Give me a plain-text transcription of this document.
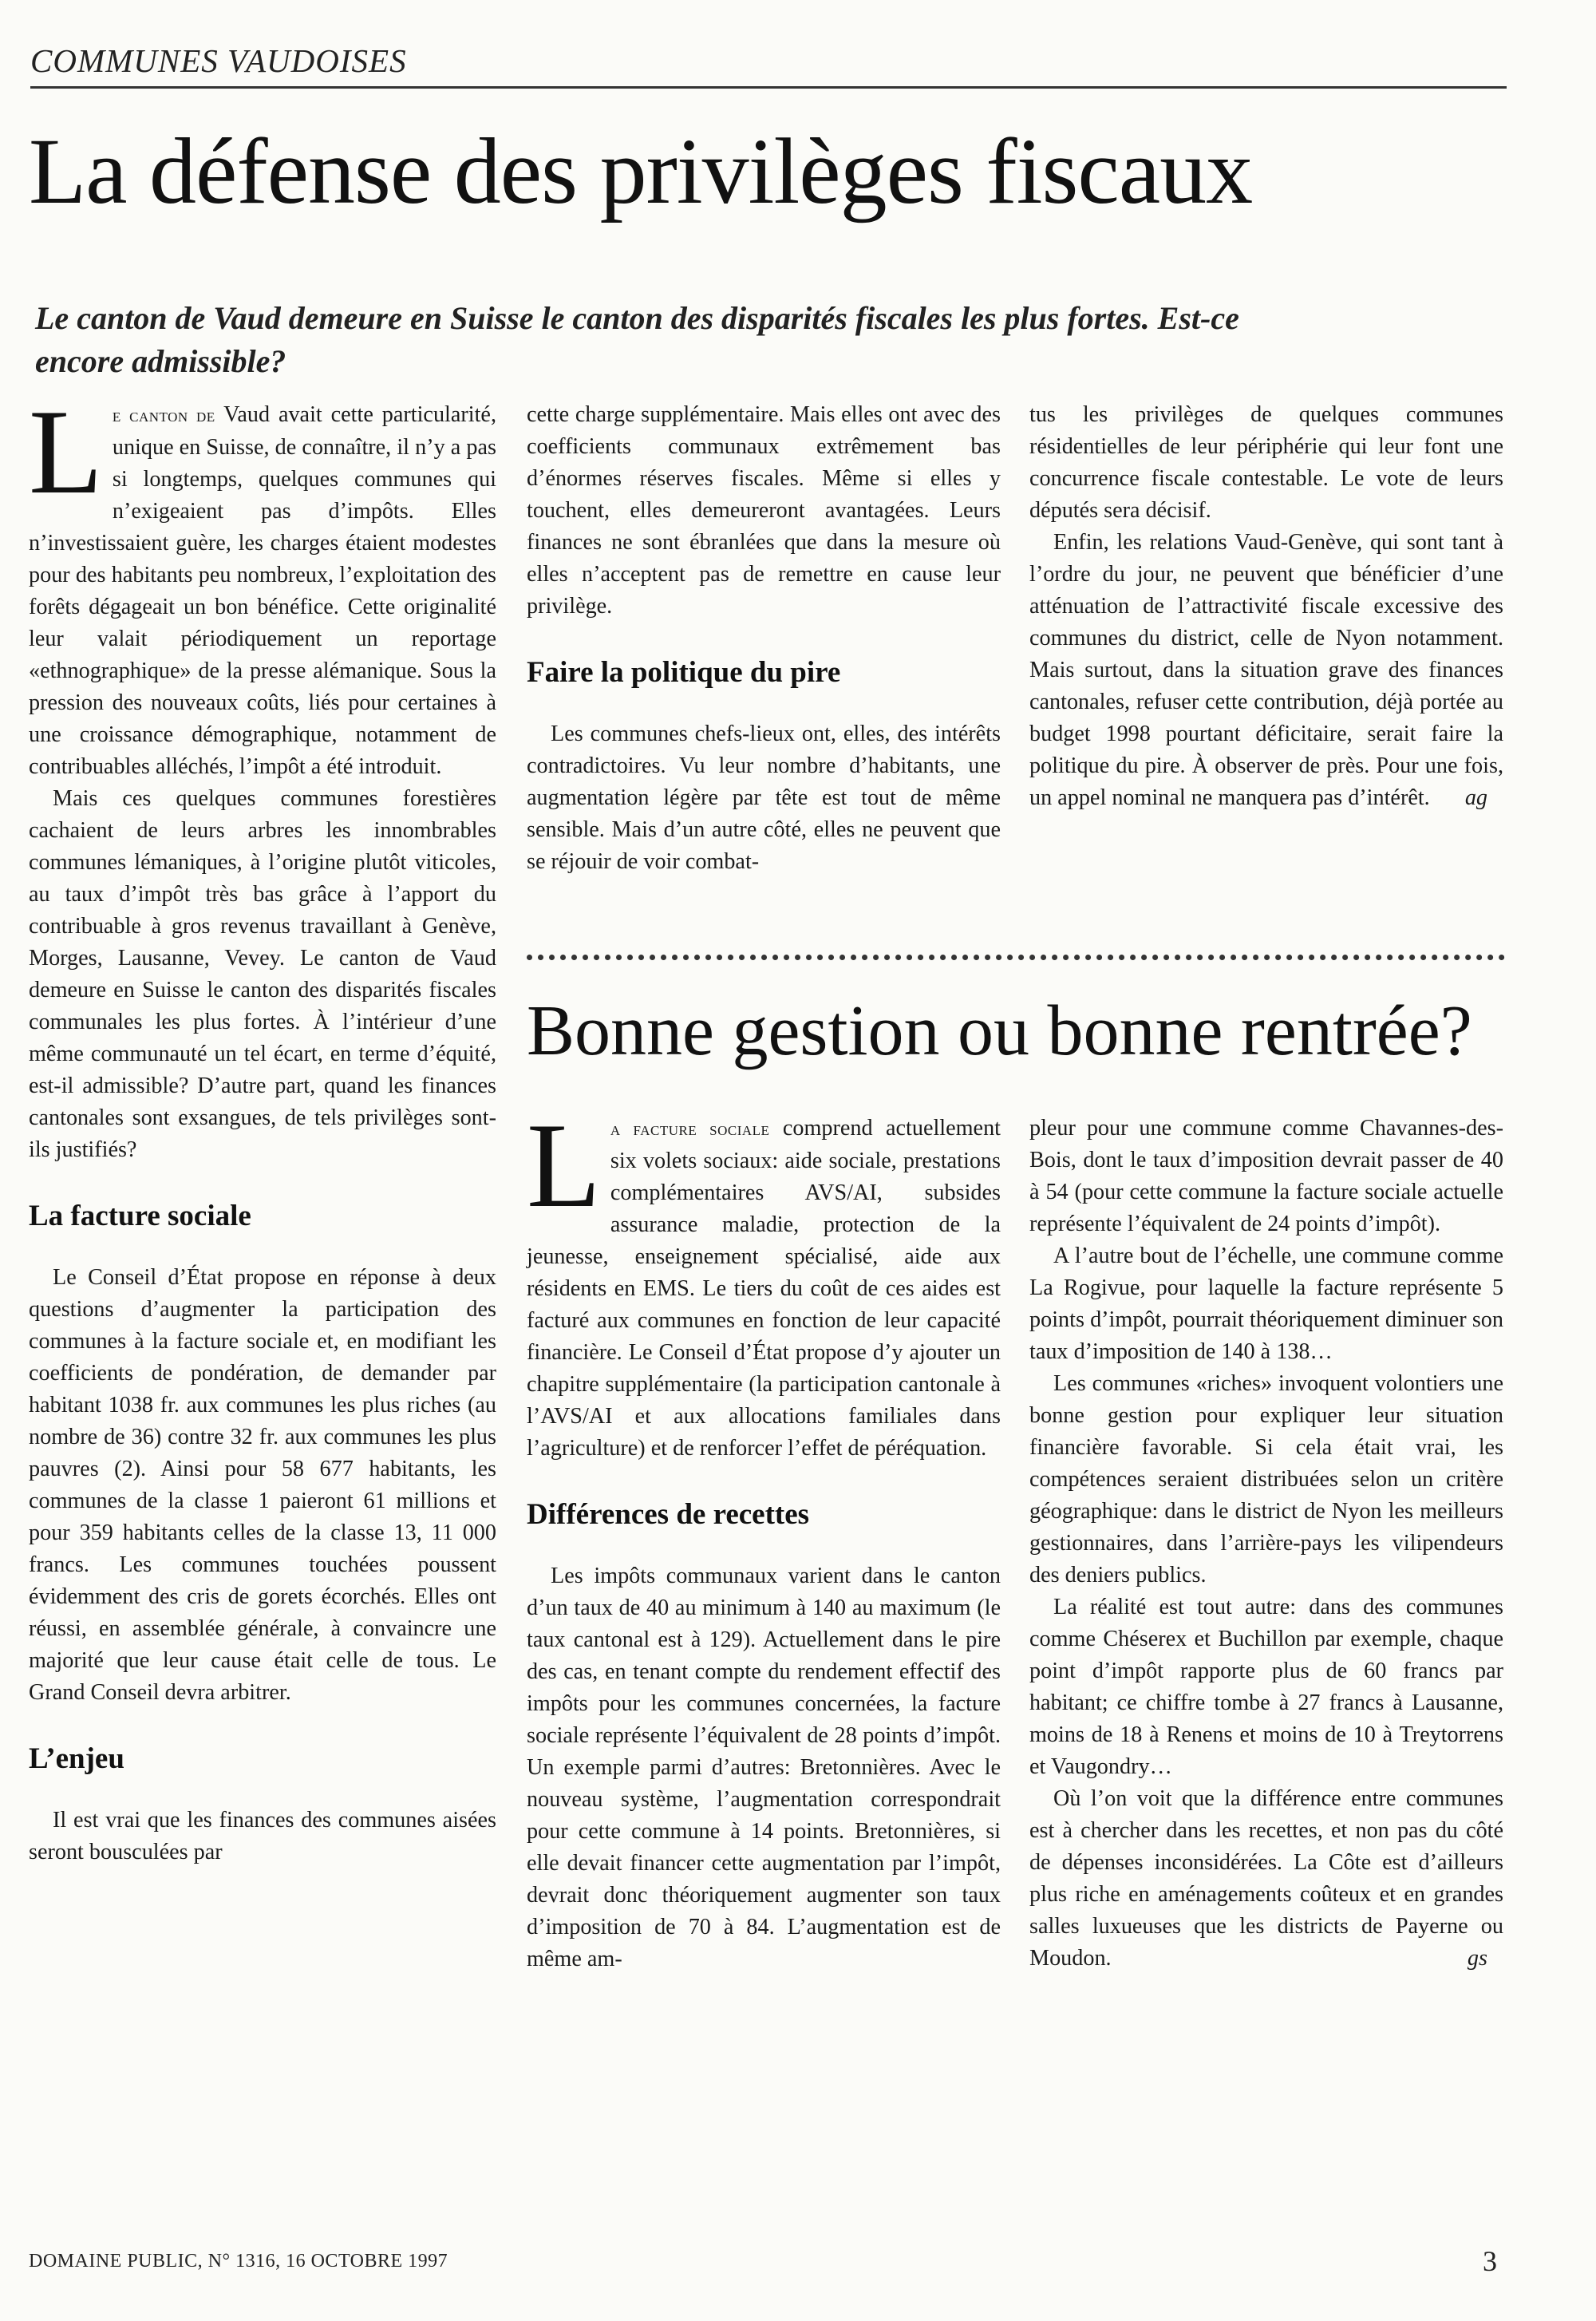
COMMUNES VAUDOISES
La défense des privilèges fiscaux

Le canton de Vaud demeure en Suisse le canton des disparités fiscales les plus fortes. Est-ce encore admissible?

Le canton de Vaud avait cette particularité, unique en Suisse, de connaître, il n’y a pas si longtemps, quelques communes qui n’exigeaient pas d’impôts. Elles n’investissaient guère, les charges étaient modestes pour des habitants peu nombreux, l’exploitation des forêts dégageait un bon bénéfice. Cette originalité leur valait périodiquement un reportage «ethnographique» de la presse alémanique. Sous la pression des nouveaux coûts, liés pour certaines à une croissance démographique, notamment de contribuables alléchés, l’impôt a été introduit.

Mais ces quelques communes forestières cachaient de leurs arbres les innombrables communes lémaniques, à l’origine plutôt viticoles, au taux d’impôt très bas grâce à l’apport du contribuable à gros revenus travaillant à Genève, Morges, Lausanne, Vevey. Le canton de Vaud demeure en Suisse le canton des disparités fiscales communales les plus fortes. À l’intérieur d’une même communauté un tel écart, en terme d’équité, est-il admissible? D’autre part, quand les finances cantonales sont exsangues, de tels privilèges sont-ils justifiés?

La facture sociale

Le Conseil d’État propose en réponse à deux questions d’augmenter la participation des communes à la facture sociale et, en modifiant les coefficients de pondération, de demander par habitant 1038 fr. aux communes les plus riches (au nombre de 36) contre 32 fr. aux communes les plus pauvres (2). Ainsi pour 58 677 habitants, les communes de la classe 1 paieront 61 millions et pour 359 habitants celles de la classe 13, 11 000 francs. Les communes touchées poussent évidemment des cris de gorets écorchés. Elles ont réussi, en assemblée générale, à convaincre une majorité que leur cause était celle de tous. Le Grand Conseil devra arbitrer.

L’enjeu

Il est vrai que les finances des communes aisées seront bousculées par

cette charge supplémentaire. Mais elles ont avec des coefficients communaux extrêmement bas d’énormes réserves fiscales. Même si elles y touchent, elles demeureront avantagées. Leurs finances ne sont ébranlées que dans la mesure où elles n’acceptent pas de remettre en cause leur privilège.

Faire la politique du pire

Les communes chefs-lieux ont, elles, des intérêts contradictoires. Vu leur nombre d’habitants, une augmentation légère par tête est tout de même sensible. Mais d’un autre côté, elles ne peuvent que se réjouir de voir combat-

tus les privilèges de quelques communes résidentielles de leur périphérie qui leur font une concurrence fiscale contestable. Le vote de leurs députés sera décisif.

Enfin, les relations Vaud-Genève, qui sont tant à l’ordre du jour, ne peuvent que bénéficier d’une atténuation de l’attractivité fiscale excessive des communes du district, celle de Nyon notamment. Mais surtout, dans la situation grave des finances cantonales, refuser cette contribution, déjà portée au budget 1998 pourtant déficitaire, serait faire la politique du pire. À observer de près. Pour une fois, un appel nominal ne manquera pas d’intérêt.	ag

Bonne gestion ou bonne rentrée?

La facture sociale comprend actuellement six volets sociaux: aide sociale, prestations complémentaires AVS/AI, subsides assurance maladie, protection de la jeunesse, enseignement spécialisé, aide aux résidents en EMS. Le tiers du coût de ces aides est facturé aux communes en fonction de leur capacité financière. Le Conseil d’État propose d’y ajouter un chapitre supplémentaire (la participation cantonale à l’AVS/AI et aux allocations familiales dans l’agriculture) et de renforcer l’effet de péréquation.

Différences de recettes

Les impôts communaux varient dans le canton d’un taux de 40 au minimum à 140 au maximum (le taux cantonal est à 129). Actuellement dans le pire des cas, en tenant compte du rendement effectif des impôts pour les communes concernées, la facture sociale représente l’équivalent de 28 points d’impôt. Un exemple parmi d’autres: Bretonnières. Avec le nouveau système, l’augmentation correspondrait pour cette commune à 14 points. Bretonnières, si elle devait financer cette augmentation par l’impôt, devrait donc théoriquement augmenter son taux d’imposition de 70 à 84. L’augmentation est de même am-

pleur pour une commune comme Chavannes-des-Bois, dont le taux d’imposition devrait passer de 40 à 54 (pour cette commune la facture sociale actuelle représente l’équivalent de 24 points d’impôt).

A l’autre bout de l’échelle, une commune comme La Rogivue, pour laquelle la facture représente 5 points d’impôt, pourrait théoriquement diminuer son taux d’imposition de 140 à 138…

Les communes «riches» invoquent volontiers une bonne gestion pour expliquer leur situation financière favorable. Si cela était vrai, les compétences seraient distribuées selon un critère géographique: dans le district de Nyon les meilleurs gestionnaires, dans l’arrière-pays les vilipendeurs des deniers publics.

La réalité est tout autre: dans des communes comme Chéserex et Buchillon par exemple, chaque point d’impôt rapporte plus de 60 francs par habitant; ce chiffre tombe à 27 francs à Lausanne, moins de 18 à Renens et moins de 10 à Treytorrens et Vaugondry…

Où l’on voit que la différence entre communes est à chercher dans les recettes, et non pas du côté de dépenses inconsidérées. La Côte est d’ailleurs plus riche en aménagements coûteux et en grandes salles luxueuses que les districts de Payerne ou Moudon.	gs

DOMAINE PUBLIC, N° 1316, 16 OCTOBRE 1997	3
